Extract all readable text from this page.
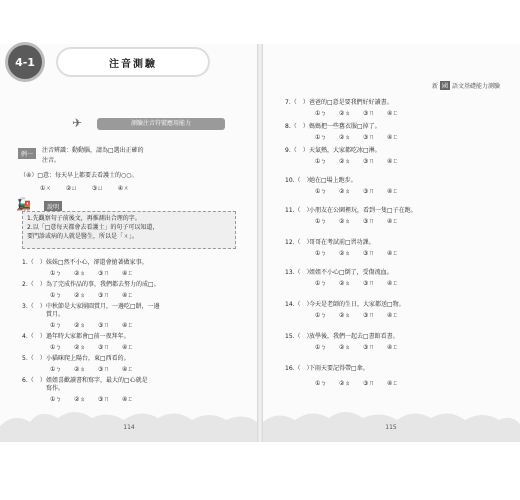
4-1	注音測驗
✈	測驗注音符號應用能力
例一
注音辨識：動動腦，請為□選出正確的
注音。
（④）□意：每天早上都要去看護士的○○。
①ㄨ ②ㄩ ③ㄩ ④ㄨ
🚂	說明
1.先觀察句子前後文，再推測出合理的字。
2.以「□意每天都會去看護士」的句子可以知道，
要門診或病的人就是醫生，所以是「ㄨ」。
1.（　）妹妹□然不小心，卻還會搶著做家事。
①ㄅ ②ㄆ ③ㄇ ④ㄈ
2.（　）為了完成作品的事，我們都去努力的成□。
①ㄅ ②ㄆ ③ㄇ ④ㄈ
3.（　）中秋節是大家團圓賞月，一邊吃□餅，一邊
賞月。
①ㄅ ②ㄆ ③ㄇ ④ㄈ
4.（　）過年時大家都會□前一夜拜年。
①ㄅ ②ㄆ ③ㄇ ④ㄈ
5.（　）小貓咪爬上陽台，東□西看的。
①ㄅ ②ㄆ ③ㄇ ④ㄈ
6.（　）姐姐喜歡讀書和寫字，最大的□心就是
寫作。
①ㄅ ②ㄆ ③ㄇ ④ㄈ
114
新 國 語文基礎能力測驗
7.（　）爸爸的□意是要我們好好讀書。
①ㄅ ②ㄆ ③ㄇ ④ㄈ
8.（　）媽媽把一些舊衣服□掉了。
①ㄅ ②ㄆ ③ㄇ ④ㄈ
9.（　）天氣熱，大家都吃冰□淋。
①ㄅ ②ㄆ ③ㄇ ④ㄈ
10.（　）她在□場上跑步。
①ㄅ ②ㄆ ③ㄇ ④ㄈ
11.（　）小朋友在公園裡玩，看到一隻□子在跑。
①ㄅ ②ㄆ ③ㄇ ④ㄈ
12.（　）哥哥在考試前□習功課。
①ㄅ ②ㄆ ③ㄇ ④ㄈ
13.（　）姐姐不小心□倒了，受傷流血。
①ㄅ ②ㄆ ③ㄇ ④ㄈ
14.（　）今天是老師的生日，大家都送□物。
①ㄅ ②ㄆ ③ㄇ ④ㄈ
15.（　）放學後，我們一起去□書館看書。
①ㄅ ②ㄆ ③ㄇ ④ㄈ
16.（　）下雨天要記得帶□傘。
①ㄅ ②ㄆ ③ㄇ ④ㄈ
115
